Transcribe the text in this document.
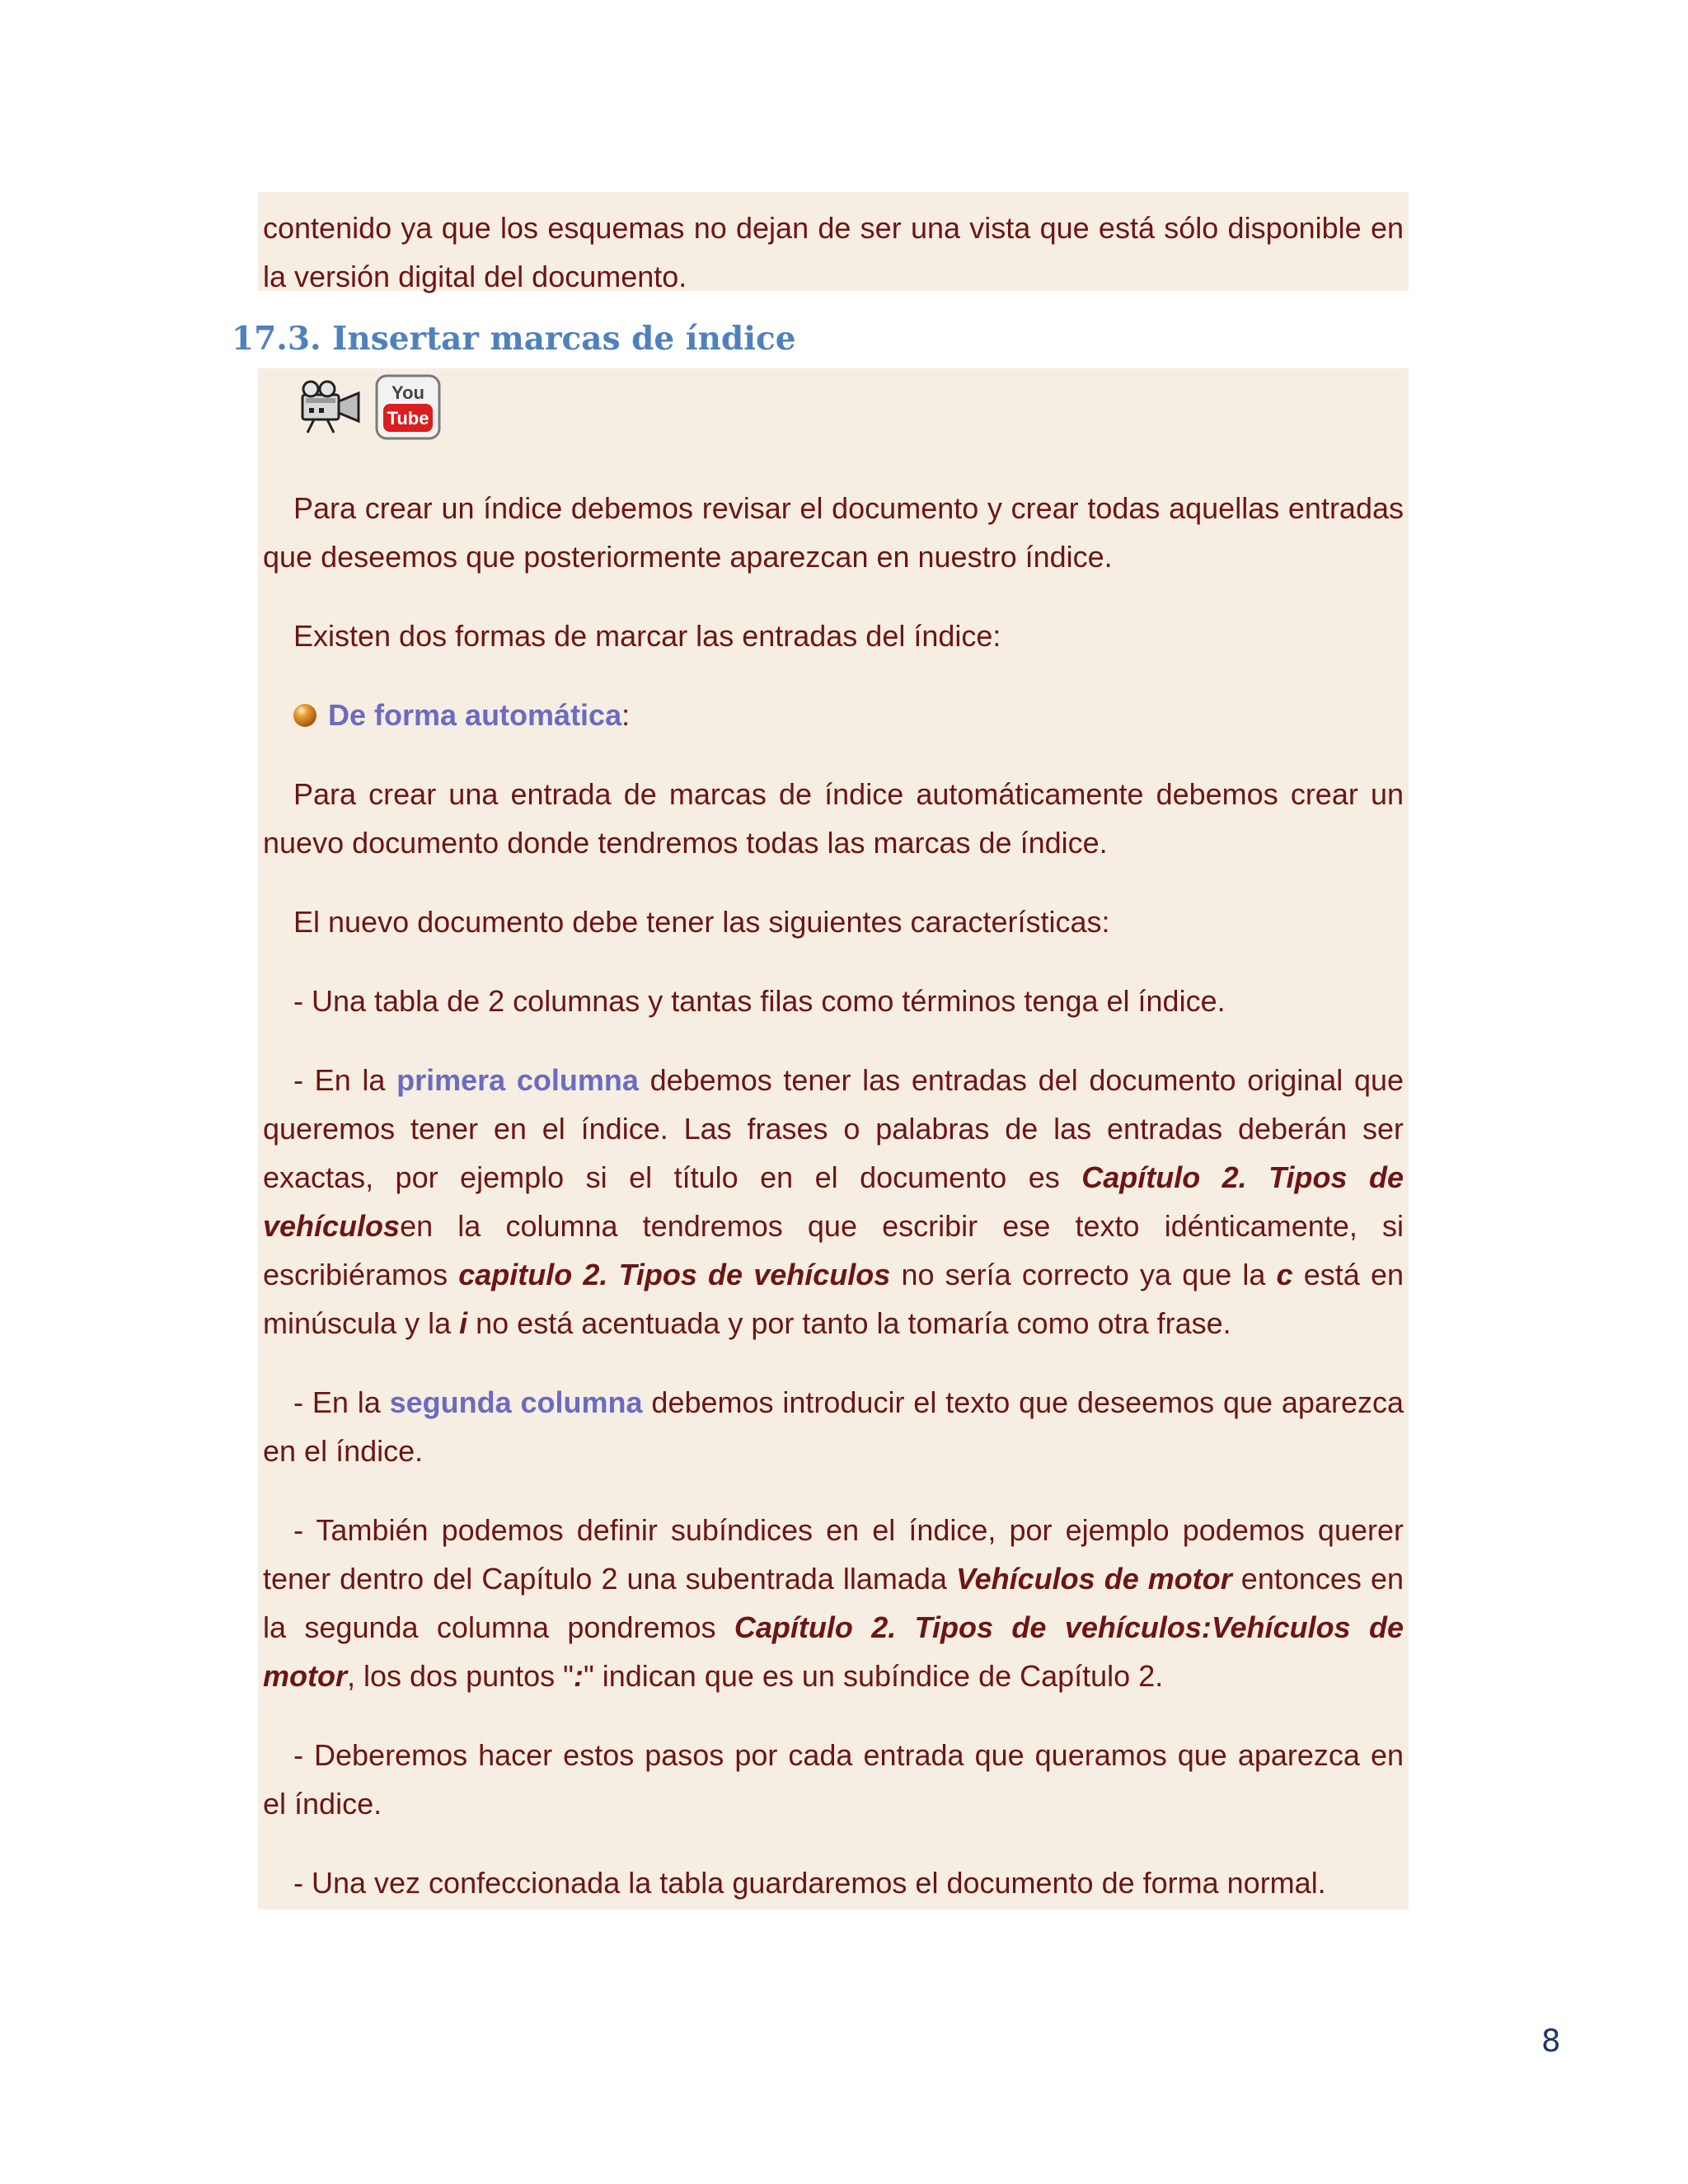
contenido ya que los esquemas no dejan de ser una vista que está sólo disponible en la versión digital del documento.

17.3. Insertar marcas de índice
You
Tube

Para crear un índice debemos revisar el documento y crear todas aquellas entradas que deseemos que posteriormente aparezcan en nuestro índice.

Existen dos formas de marcar las entradas del índice:

De forma automática :

Para crear una entrada de marcas de índice automáticamente debemos crear un nuevo documento donde tendremos todas las marcas de índice.

El nuevo documento debe tener las siguientes características:

- Una tabla de 2 columnas y tantas filas como términos tenga el índice.

- En la primera columna debemos tener las entradas del documento original que queremos tener en el índice. Las frases o palabras de las entradas deberán ser exactas, por ejemplo si el título en el documento es Capítulo 2. Tipos de vehículosen la columna tendremos que escribir ese texto idénticamente, si escribiéramos capitulo 2. Tipos de vehículos no sería correcto ya que la c está en minúscula y la i no está acentuada y por tanto la tomaría como otra frase.

- En la segunda columna debemos introducir el texto que deseemos que aparezca en el índice.

- También podemos definir subíndices en el índice, por ejemplo podemos querer tener dentro del Capítulo 2 una subentrada llamada Vehículos de motor entonces en la segunda columna pondremos Capítulo 2. Tipos de vehículos:Vehículos de motor, los dos puntos ":" indican que es un subíndice de Capítulo 2.

- Deberemos hacer estos pasos por cada entrada que queramos que aparezca en el índice.

- Una vez confeccionada la tabla guardaremos el documento de forma normal.

8
